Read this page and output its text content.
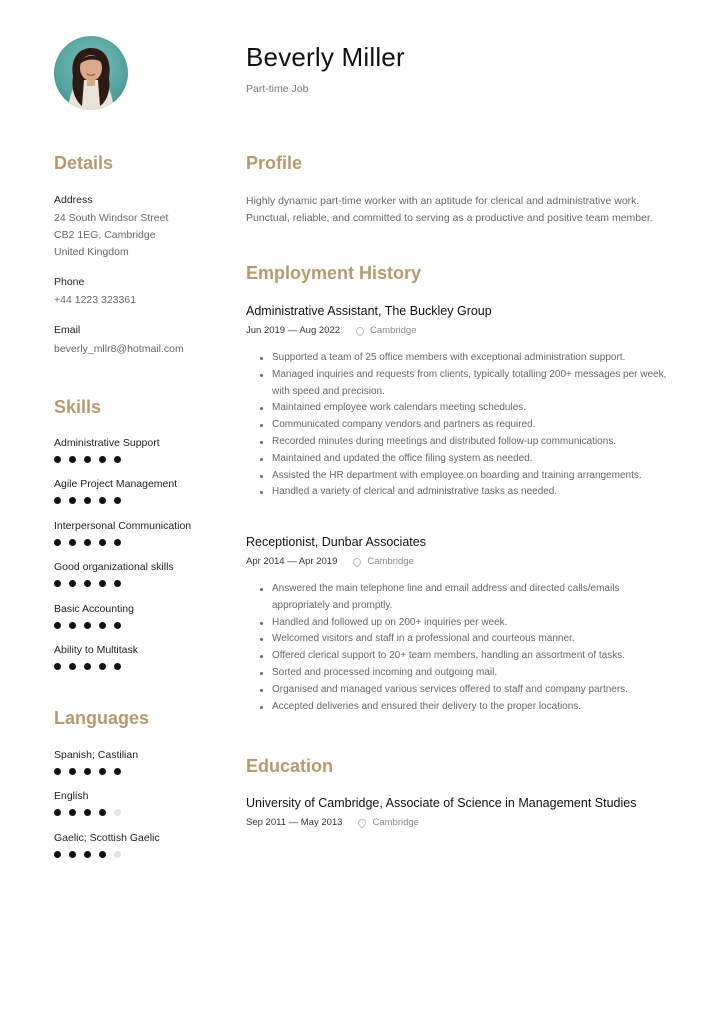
Beverly Miller
Part-time Job
Details
Address
24 South Windsor Street
CB2 1EG, Cambridge
United Kingdom
Phone
+44 1223 323361
Email
beverly_mllr8@hotmail.com
Skills
Administrative Support
Agile Project Management
Interpersonal Communication
Good organizational skills
Basic Accounting
Ability to Multitask
Languages
Spanish; Castilian
English
Gaelic; Scottish Gaelic
Profile
Highly dynamic part-time worker with an aptitude for clerical and administrative work. Punctual, reliable, and committed to serving as a productive and positive team member.
Employment History
Administrative Assistant, The Buckley Group
Jun 2019 — Aug 2022	Cambridge
Supported a team of 25 office members with exceptional administration support.
Managed inquiries and requests from clients, typically totalling 200+ messages per week, with speed and precision.
Maintained employee work calendars meeting schedules.
Communicated company vendors and partners as required.
Recorded minutes during meetings and distributed follow-up communications.
Maintained and updated the office filing system as needed.
Assisted the HR department with employee on boarding and training arrangements.
Handled a variety of clerical and administrative tasks as needed.
Receptionist, Dunbar Associates
Apr 2014 — Apr 2019	Cambridge
Answered the main telephone line and email address and directed calls/emails appropriately and promptly.
Handled and followed up on 200+ inquiries per week.
Welcomed visitors and staff in a professional and courteous manner.
Offered clerical support to 20+ team members, handling an assortment of tasks.
Sorted and processed incoming and outgoing mail.
Organised and managed various services offered to staff and company partners.
Accepted deliveries and ensured their delivery to the proper locations.
Education
University of Cambridge, Associate of Science in Management Studies
Sep 2011 — May 2013	Cambridge
